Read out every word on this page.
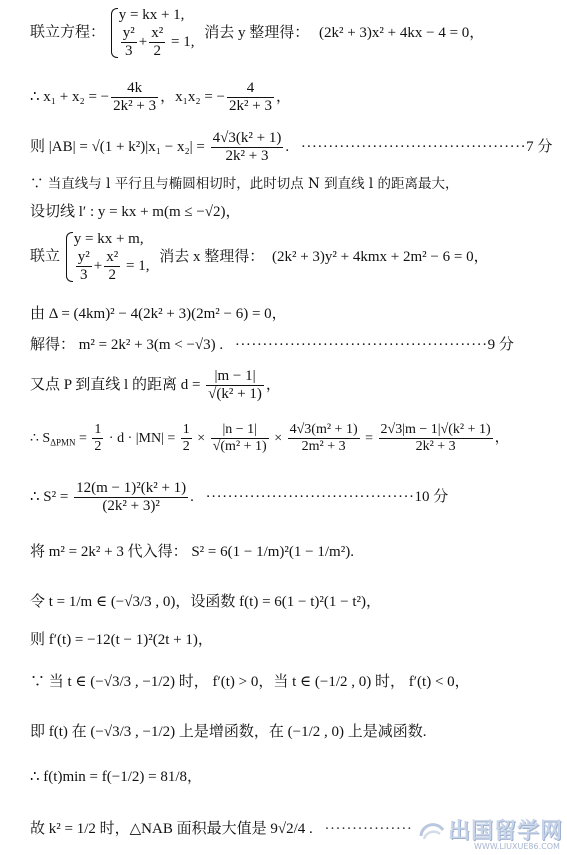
联立方程：
y = kx + 1,
$\frac{\text{y²}}{3} + \frac{\text{x²}}{2} = 1$,
消去 y 整理得： (2k² + 3)x² + 4kx − 4 = 0，
∴ x₁ + x₂ = − $\frac{4k}{\text{2k² + 3}}$ ，x₁x₂ = − $\frac{4}{\text{2k² + 3}}$ ，
则 $|AB| = √(1 + k^2)|x_1 - x_2| = \frac{\text{4√3(k² + 1)}}{\text{2k² + 3}}$ . ·········································7 分
∵ 当直线与 l 平行且与椭圆相切时，此时切点 N 到直线 l 的距离最大，
设切线 l′ : y = kx + m(m ≤ −√2)，
联立
y = kx + m,
$\frac{\text{y²}}{3} + \frac{\text{x²}}{2} = 1$,
消去 x 整理得： (2k² + 3)y² + 4kmx + 2m² − 6 = 0，
由 Δ = (4km)² − 4(2k² + 3)(2m² − 6) = 0，
解得： m² = 2k² + 3(m < −√3) . ··············································9 分
又点 P 到直线 l 的距离 $d = \frac{|m - 1|}{\text{√(k² + 1)}}$ ，
∴ $S_{\Delta PMN} = \frac{1}{2} \cdot d \cdot |MN| = \frac{1}{2} \times \frac{|n - 1|}{\text{√(m² + 1)}} \times \frac{\text{4√3(m² + 1)}}{\text{2m² + 3}} = \frac{\text{2√3|m − 1|√(k² + 1)}}{\text{2k² + 3}}$ ，
∴ $S^2 = \frac{\text{12(m − 1)²(k² + 1)}}{\text{(2k² + 3)²}}$ . ······································10 分
将 m² = 2k² + 3 代入得： S² = 6(1 − 1/m)²(1 − 1/m²).
令 t = 1/m ∈ (−√3/3 , 0)，设函数 f(t) = 6(1 − t)²(1 − t²)，
则 f′(t) = −12(t − 1)²(2t + 1)，
∵ 当 t ∈ (−√3/3 , −1/2) 时， f′(t) > 0，当 t ∈ (−1/2 , 0) 时， f′(t) < 0，
即 f(t) 在 (−√3/3 , −1/2) 上是增函数，在 (−1/2 , 0) 上是减函数.
∴ f(t)min = f(−1/2) = 81/8，
故 k² = 1/2 时，△NAB 面积最大值是 9√2/4 . ················ 出国留学网
WWW.LIUXUE86.COM
